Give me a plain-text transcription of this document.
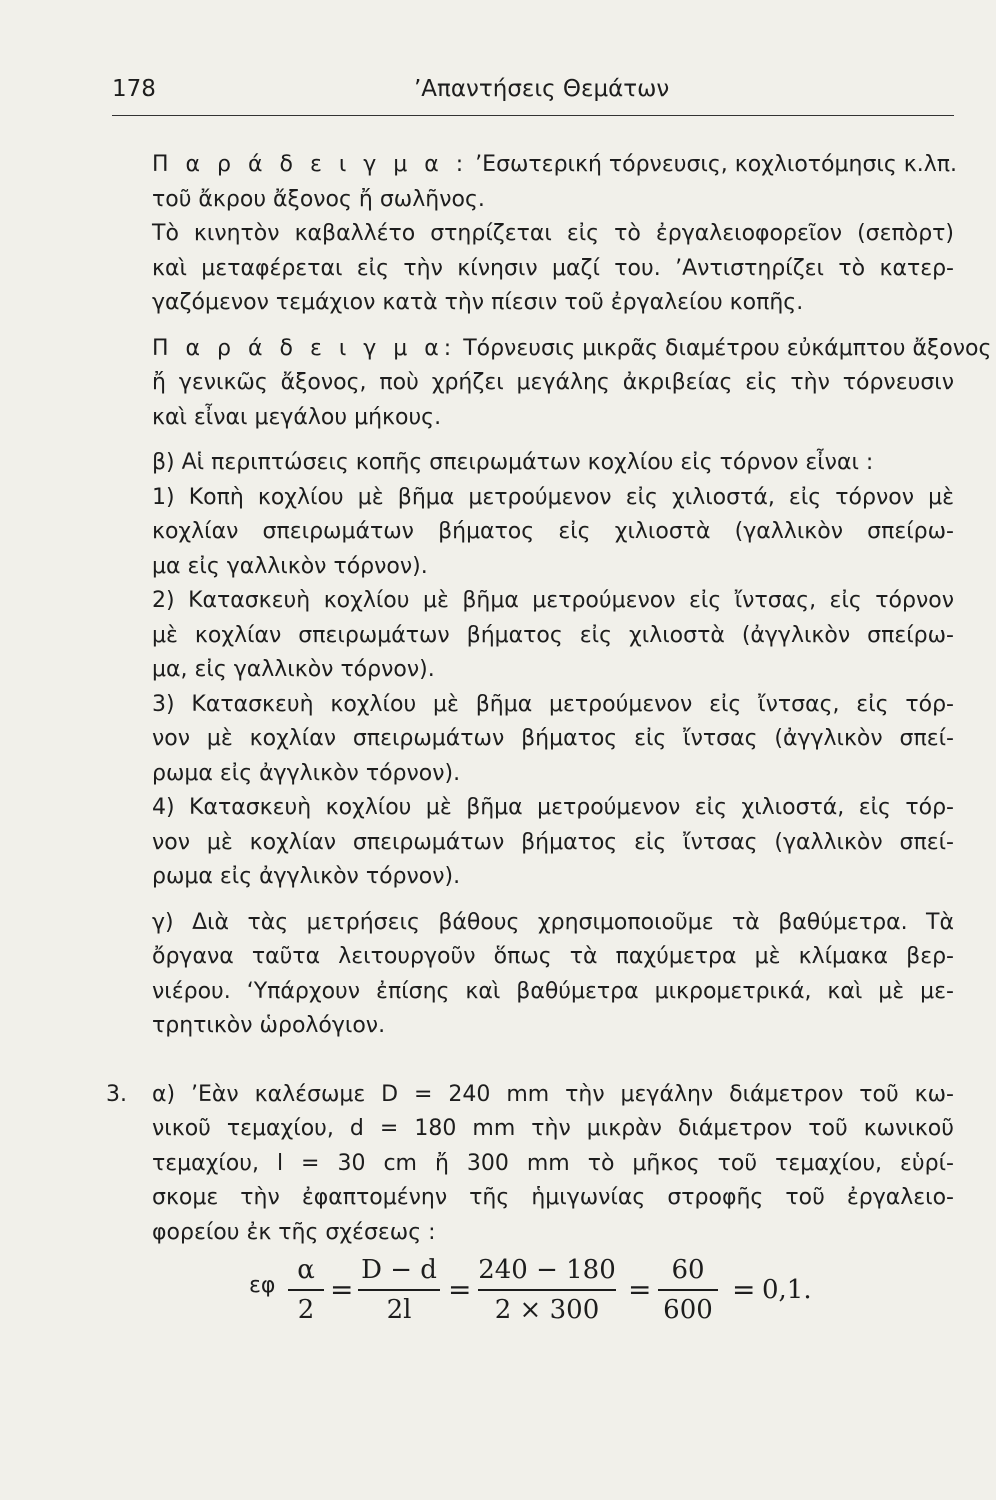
178	’Απαντήσεις Θεμάτων
Π α ρ ά δ ε ι γ μ α : ’Εσωτερική τόρνευσις, κοχλιοτόμησις κ.λπ.
τοῦ ἄκρου ἄξονος ἤ σωλῆνος.
Τὸ κινητὸν καβαλλέτο στηρίζεται εἰς τὸ ἐργαλειοφορεῖον (σεπὸρτ)
καὶ μεταφέρεται εἰς τὴν κίνησιν μαζί του. ’Αντιστηρίζει τὸ κατερ-
γαζόμενον τεμάχιον κατὰ τὴν πίεσιν τοῦ ἐργαλείου κοπῆς.
Π α ρ ά δ ε ι γ μ α: Τόρνευσις μικρᾶς διαμέτρου εὐκάμπτου ἄξονος
ἤ γενικῶς ἄξονος, ποὺ χρήζει μεγάλης ἀκριβείας εἰς τὴν τόρνευσιν
καὶ εἶναι μεγάλου μήκους.
β) Αἱ περιπτώσεις κοπῆς σπειρωμάτων κοχλίου εἰς τόρνον εἶναι :
1) Κοπὴ κοχλίου μὲ βῆμα μετρούμενον εἰς χιλιοστά, εἰς τόρνον μὲ
κοχλίαν σπειρωμάτων βήματος εἰς χιλιοστὰ (γαλλικὸν σπείρω-
μα εἰς γαλλικὸν τόρνον).
2) Κατασκευὴ κοχλίου μὲ βῆμα μετρούμενον εἰς ἴντσας, εἰς τόρνον
μὲ κοχλίαν σπειρωμάτων βήματος εἰς χιλιοστὰ (ἀγγλικὸν σπείρω-
μα, εἰς γαλλικὸν τόρνον).
3) Κατασκευὴ κοχλίου μὲ βῆμα μετρούμενον εἰς ἴντσας, εἰς τόρ-
νον μὲ κοχλίαν σπειρωμάτων βήματος εἰς ἴντσας (ἀγγλικὸν σπεί-
ρωμα εἰς ἀγγλικὸν τόρνον).
4) Κατασκευὴ κοχλίου μὲ βῆμα μετρούμενον εἰς χιλιοστά, εἰς τόρ-
νον μὲ κοχλίαν σπειρωμάτων βήματος εἰς ἴντσας (γαλλικὸν σπεί-
ρωμα εἰς ἀγγλικὸν τόρνον).
γ) Διὰ τὰς μετρήσεις βάθους χρησιμοποιοῦμε τὰ βαθύμετρα. Τὰ
ὄργανα ταῦτα λειτουργοῦν ὅπως τὰ παχύμετρα μὲ κλίμακα βερ-
νιέρου. ‘Υπάρχουν ἐπίσης καὶ βαθύμετρα μικρομετρικά, καὶ μὲ με-
τρητικὸν ὡρολόγιον.
3. α) ’Εὰν καλέσωμε D = 240 mm τὴν μεγάλην διάμετρον τοῦ κω-
νικοῦ τεμαχίου, d = 180 mm τὴν μικρὰν διάμετρον τοῦ κωνικοῦ
τεμαχίου, l = 30 cm ἤ 300 mm τὸ μῆκος τοῦ τεμαχίου, εὑρί-
σκομε τὴν ἐφαπτομένην τῆς ἡμιγωνίας στροφῆς τοῦ ἐργαλειο-
φορείου ἐκ τῆς σχέσεως :
εφ $\frac{\alpha}{2} = \frac{D - d}{2l} = \frac{240 - 180}{2 \times 300} = \frac{60}{600} = 0,1$.
